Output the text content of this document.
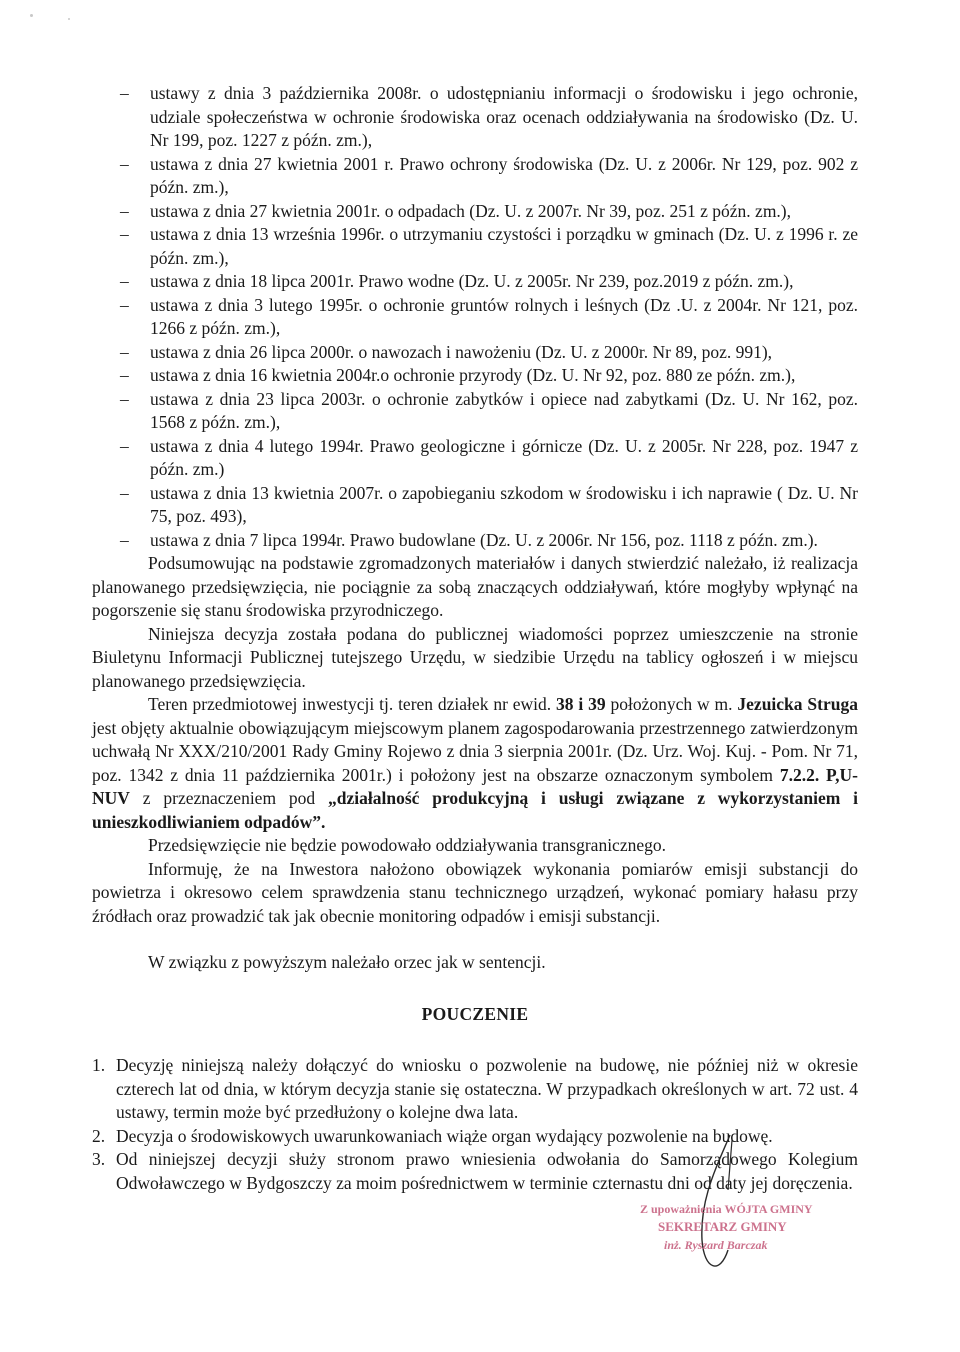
– ustawy z dnia 3 października 2008r. o udostępnianiu informacji o środowisku i jego ochronie, udziale społeczeństwa w ochronie środowiska oraz ocenach oddziaływania na środowisko (Dz. U. Nr 199, poz. 1227 z późn. zm.),
– ustawa z dnia 27 kwietnia 2001 r. Prawo ochrony środowiska (Dz. U. z 2006r. Nr 129, poz. 902 z późn. zm.),
– ustawa z dnia 27 kwietnia 2001r. o odpadach (Dz. U. z 2007r. Nr 39, poz. 251 z późn. zm.),
– ustawa z dnia 13 września 1996r. o utrzymaniu czystości i porządku w gminach (Dz. U. z 1996 r. ze późn. zm.),
– ustawa z dnia 18 lipca 2001r. Prawo wodne (Dz. U. z 2005r. Nr 239, poz.2019 z późn. zm.),
– ustawa z dnia 3 lutego 1995r. o ochronie gruntów rolnych i leśnych (Dz .U. z 2004r. Nr 121, poz. 1266 z późn. zm.),
– ustawa z dnia 26 lipca 2000r. o nawozach i nawożeniu (Dz. U. z 2000r. Nr 89, poz. 991),
– ustawa z dnia 16 kwietnia 2004r.o ochronie przyrody (Dz. U. Nr 92, poz. 880 ze późn. zm.),
– ustawa z dnia 23 lipca 2003r. o ochronie zabytków i opiece nad zabytkami (Dz. U. Nr 162, poz. 1568 z późn. zm.),
– ustawa z dnia 4 lutego 1994r. Prawo geologiczne i górnicze (Dz. U. z 2005r. Nr 228, poz. 1947 z późn. zm.)
– ustawa z dnia 13 kwietnia 2007r. o zapobieganiu szkodom w środowisku i ich naprawie ( Dz. U. Nr 75, poz. 493),
– ustawa z dnia 7 lipca 1994r. Prawo budowlane (Dz. U. z 2006r. Nr 156, poz. 1118 z późn. zm.).

Podsumowując na podstawie zgromadzonych materiałów i danych stwierdzić należało, iż realizacja planowanego przedsięwzięcia, nie pociągnie za sobą znaczących oddziaływań, które mogłyby wpłynąć na pogorszenie się stanu środowiska przyrodniczego.

Niniejsza decyzja została podana do publicznej wiadomości poprzez umieszczenie na stronie Biuletynu Informacji Publicznej tutejszego Urzędu, w siedzibie Urzędu na tablicy ogłoszeń i w miejscu planowanego przedsięwzięcia.

Teren przedmiotowej inwestycji tj. teren działek nr ewid. 38 i 39 położonych w m. Jezuicka Struga jest objęty aktualnie obowiązującym miejscowym planem zagospodarowania przestrzennego zatwierdzonym uchwałą Nr XXX/210/2001 Rady Gminy Rojewo z dnia 3 sierpnia 2001r. (Dz. Urz. Woj. Kuj. - Pom. Nr 71, poz. 1342 z dnia 11 października 2001r.) i położony jest na obszarze oznaczonym symbolem 7.2.2. P,U-NUV z przeznaczeniem pod „działalność produkcyjną i usługi związane z wykorzystaniem i unieszkodliwianiem odpadów”.

Przedsięwzięcie nie będzie powodowało oddziaływania transgranicznego.

Informuję, że na Inwestora nałożono obowiązek wykonania pomiarów emisji substancji do powietrza i okresowo celem sprawdzenia stanu technicznego urządzeń, wykonać pomiary hałasu przy źródłach oraz prowadzić tak jak obecnie monitoring odpadów i emisji substancji.

W związku z powyższym należało orzec jak w sentencji.

POUCZENIE
1. Decyzję niniejszą należy dołączyć do wniosku o pozwolenie na budowę, nie później niż w okresie czterech lat od dnia, w którym decyzja stanie się ostateczna. W przypadkach określonych w art. 72 ust. 4 ustawy, termin może być przedłużony o kolejne dwa lata.
2. Decyzja o środowiskowych uwarunkowaniach wiąże organ wydający pozwolenie na budowę.
3. Od niniejszej decyzji służy stronom prawo wniesienia odwołania do Samorządowego Kolegium Odwoławczego w Bydgoszczy za moim pośrednictwem w terminie czternastu dni od daty jej doręczenia.
Z upoważnienia WÓJTA GMINY
SEKRETARZ GMINY
inż. Ryszard Barczak
